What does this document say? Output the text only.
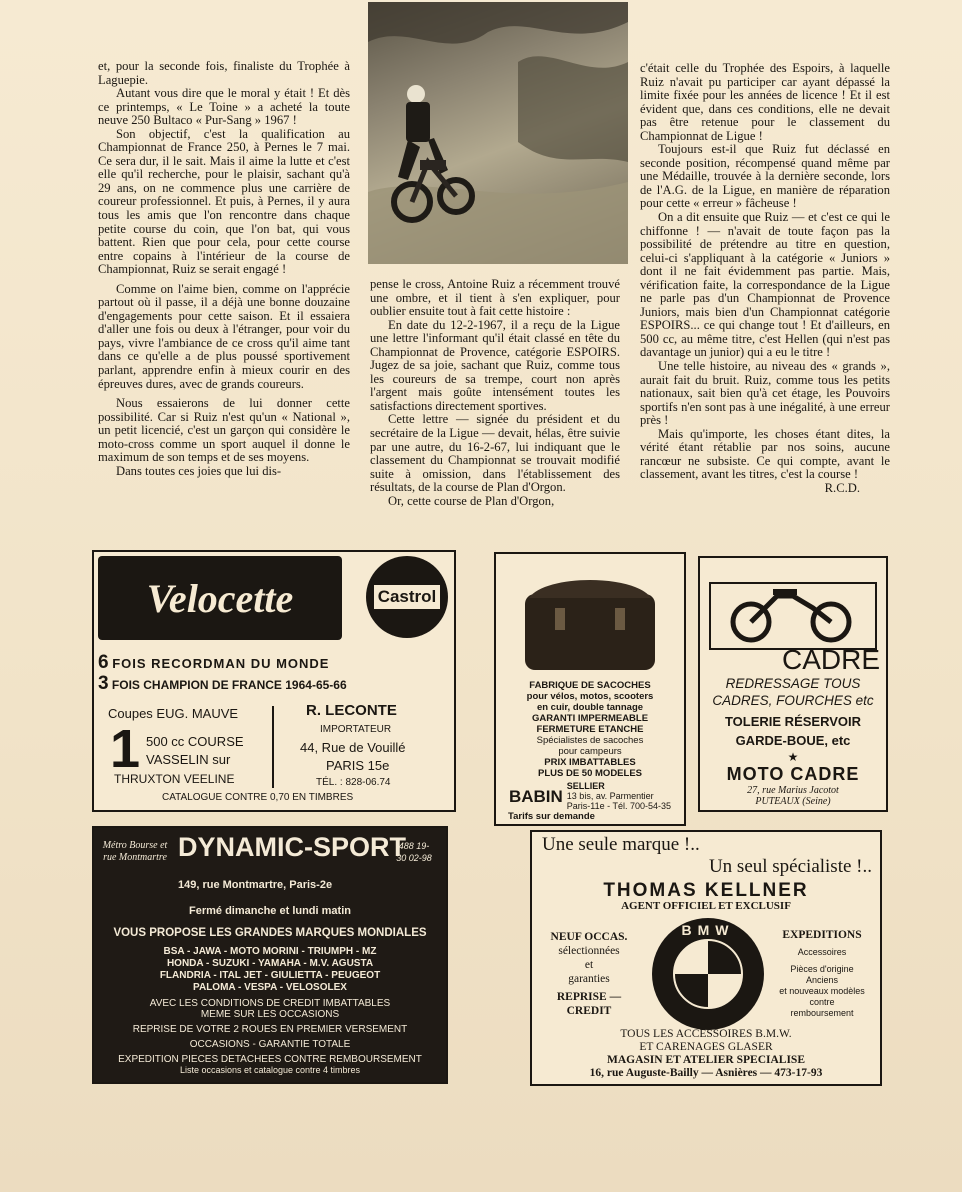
et, pour la seconde fois, finaliste du Trophée à Laguepie.

Autant vous dire que le moral y était ! Et dès ce printemps, « Le Toine » a acheté la toute neuve 250 Bultaco « Pur-Sang » 1967 !

Son objectif, c'est la qualification au Championnat de France 250, à Pernes le 7 mai. Ce sera dur, il le sait. Mais il aime la lutte et c'est elle qu'il recherche, pour le plaisir, sachant qu'à 29 ans, on ne commence plus une carrière de coureur professionnel. Et puis, à Pernes, il y aura tous les amis que l'on rencontre dans chaque petite course du coin, que l'on bat, qui vous battent. Rien que pour cela, pour cette course entre copains à l'intérieur de la course de Championnat, Ruiz se serait engagé !

Comme on l'aime bien, comme on l'apprécie partout où il passe, il a déjà une bonne douzaine d'engagements pour cette saison. Et il essaiera d'aller une fois ou deux à l'étranger, pour voir du pays, vivre l'ambiance de ce cross qu'il aime tant dans ce qu'elle a de plus poussé sportivement parlant, apprendre enfin à mieux courir en des épreuves dures, avec de grands coureurs.

Nous essaierons de lui donner cette possibilité. Car si Ruiz n'est qu'un « National », un petit licencié, c'est un garçon qui considère le moto-cross comme un sport auquel il donne le maximum de son temps et de ses moyens.

Dans toutes ces joies que lui dis-

pense le cross, Antoine Ruiz a récemment trouvé une ombre, et il tient à s'en expliquer, pour oublier ensuite tout à fait cette histoire :

En date du 12-2-1967, il a reçu de la Ligue une lettre l'informant qu'il était classé en tête du Championnat de Provence, catégorie ESPOIRS. Jugez de sa joie, sachant que Ruiz, comme tous les coureurs de sa trempe, court non après l'argent mais goûte intensément toutes les satisfactions directement sportives.

Cette lettre — signée du président et du secrétaire de la Ligue — devait, hélas, être suivie par une autre, du 16-2-67, lui indiquant que le classement du Championnat se trouvait modifié suite à omission, dans l'établissement des résultats, de la course de Plan d'Orgon.

Or, cette course de Plan d'Orgon,

c'était celle du Trophée des Espoirs, à laquelle Ruiz n'avait pu participer car ayant dépassé la limite fixée pour les années de licence ! Et il est évident que, dans ces conditions, elle ne devait pas être retenue pour le classement du Championnat de Ligue !

Toujours est-il que Ruiz fut déclassé en seconde position, récompensé quand même par une Médaille, trouvée à la dernière seconde, lors de l'A.G. de la Ligue, en manière de réparation pour cette « erreur » fâcheuse !

On a dit ensuite que Ruiz — et c'est ce qui le chiffonne ! — n'avait de toute façon pas la possibilité de prétendre au titre en question, celui-ci s'appliquant à la catégorie « Juniors » dont il ne fait évidemment pas partie. Mais, vérification faite, la correspondance de la Ligue ne parle pas d'un Championnat de Provence Juniors, mais bien d'un Championnat catégorie ESPOIRS... ce qui change tout ! Et d'ailleurs, en 500 cc, au même titre, c'est Hellen (qui n'est pas davantage un junior) qui a eu le titre !

Une telle histoire, au niveau des « grands », aurait fait du bruit. Ruiz, comme tous les petits nationaux, sait bien qu'à cet étage, les Pouvoirs sportifs n'en sont pas à une inégalité, à une erreur près !

Mais qu'importe, les choses étant dites, la vérité étant rétablie par nos soins, aucune rancœur ne subsiste. Ce qui compte, avant le classement, avant les titres, c'est la course !

R.C.D.
Velocette	Castrol
6 FOIS RECORDMAN DU MONDE
3 FOIS CHAMPION DE FRANCE 1964-65-66
Coupes EUG. MAUVE
1 500 cc COURSE
VASSELIN sur
THRUXTON VEELINE
R. LECONTE
IMPORTATEUR
44, Rue de Vouillé
PARIS 15e
TÉL. : 828-06.74
CATALOGUE CONTRE 0,70 EN TIMBRES
FABRIQUE DE SACOCHES
pour vélos, motos, scooters
en cuir, double tannage
GARANTI IMPERMEABLE
FERMETURE ETANCHE
Spécialistes de sacoches
pour campeurs
PRIX IMBATTABLES
PLUS DE 50 MODELES
BABIN
SELLIER
13 bis, av. Parmentier
Paris-11e - Tél. 700-54-35
Tarifs sur demande
CADRE
REDRESSAGE TOUS
CADRES, FOURCHES etc
TOLERIE RÉSERVOIR
GARDE-BOUE, etc
★
MOTO CADRE
27, rue Marius Jacotot
PUTEAUX (Seine)
Métro Bourse et rue Montmartre DYNAMIC-SPORT
488 19-30 02-98
149, rue Montmartre, Paris-2e
Fermé dimanche et lundi matin
VOUS PROPOSE LES GRANDES MARQUES MONDIALES
BSA - JAWA - MOTO MORINI - TRIUMPH - MZ
HONDA - SUZUKI - YAMAHA - M.V. AGUSTA
FLANDRIA - ITAL JET - GIULIETTA - PEUGEOT
PALOMA - VESPA - VELOSOLEX
AVEC LES CONDITIONS DE CREDIT IMBATTABLES
MEME SUR LES OCCASIONS
REPRISE DE VOTRE 2 ROUES EN PREMIER VERSEMENT
OCCASIONS - GARANTIE TOTALE
EXPEDITION PIECES DETACHEES CONTRE REMBOURSEMENT
Liste occasions et catalogue contre 4 timbres
Une seule marque !..
Un seul spécialiste !..
THOMAS KELLNER
AGENT OFFICIEL ET EXCLUSIF
NEUF OCCAS.
sélectionnées
et
garanties
REPRISE —
CREDIT
BMW	EXPEDITIONS
Accessoires
Pièces d'origine
Anciens
et nouveaux modèles
contre
remboursement
TOUS LES ACCESSOIRES B.M.W.
ET CARENAGES GLASER
MAGASIN ET ATELIER SPECIALISE
16, rue Auguste-Bailly — Asnières — 473-17-93
